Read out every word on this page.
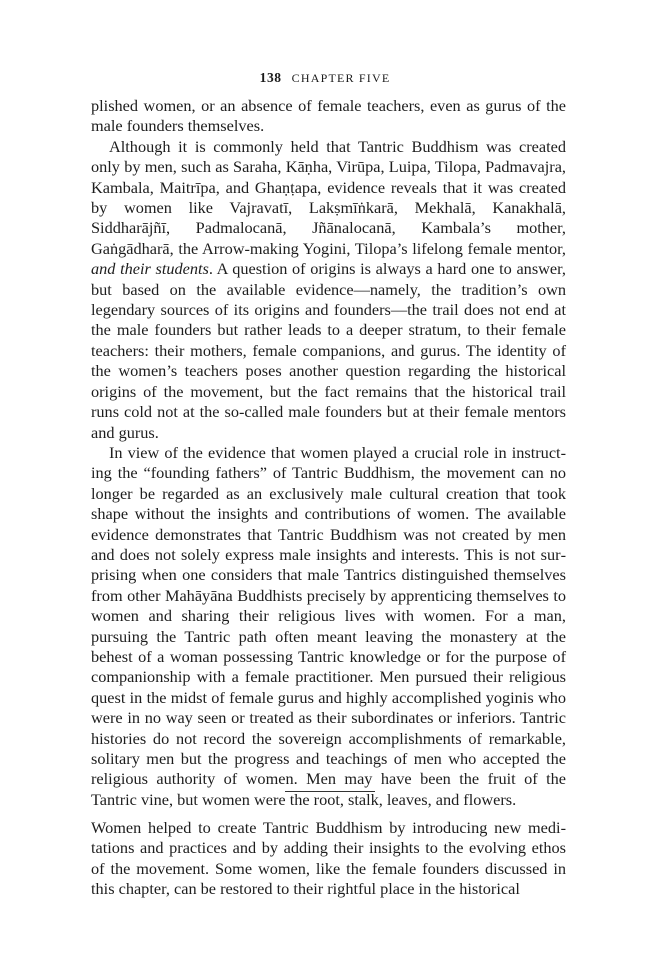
138 CHAPTER FIVE

plished women, or an absence of female teachers, even as gurus of the male founders themselves.

Although it is commonly held that Tantric Buddhism was created only by men, such as Saraha, Kāṇha, Virūpa, Luipa, Tilopa, Padmavajra, Kambala, Maitrīpa, and Ghaṇṭapa, evidence reveals that it was created by women like Vajravatī, Lakṣmīṅkarā, Mekhalā, Kanakhalā, Siddharājñī, Padmalocanā, Jñānalocanā, Kambala’s mother, Gaṅgādharā, the Arrow-making Yogini, Tilopa’s lifelong female mentor, and their students. A question of origins is always a hard one to answer, but based on the available evidence—namely, the tradition’s own legendary sources of its origins and founders—the trail does not end at the male founders but rather leads to a deeper stratum, to their female teachers: their mothers, female companions, and gurus. The identity of the women’s teachers poses another question regarding the historical origins of the movement, but the fact remains that the historical trail runs cold not at the so-called male founders but at their female mentors and gurus.

In view of the evidence that women played a crucial role in instructing the “founding fathers” of Tantric Buddhism, the movement can no longer be regarded as an exclusively male cultural creation that took shape without the insights and contributions of women. The available evidence demonstrates that Tantric Buddhism was not created by men and does not solely express male insights and interests. This is not surprising when one considers that male Tantrics distinguished themselves from other Mahāyāna Buddhists precisely by apprenticing themselves to women and sharing their religious lives with women. For a man, pursuing the Tantric path often meant leaving the monastery at the behest of a woman possessing Tantric knowledge or for the purpose of companionship with a female practitioner. Men pursued their religious quest in the midst of female gurus and highly accomplished yoginis who were in no way seen or treated as their subordinates or inferiors. Tantric histories do not record the sovereign accomplishments of remarkable, solitary men but the progress and teachings of men who accepted the religious authority of women. Men may have been the fruit of the Tantric vine, but women were the root, stalk, leaves, and flowers.

Women helped to create Tantric Buddhism by introducing new meditations and practices and by adding their insights to the evolving ethos of the movement. Some women, like the female founders discussed in this chapter, can be restored to their rightful place in the historical
